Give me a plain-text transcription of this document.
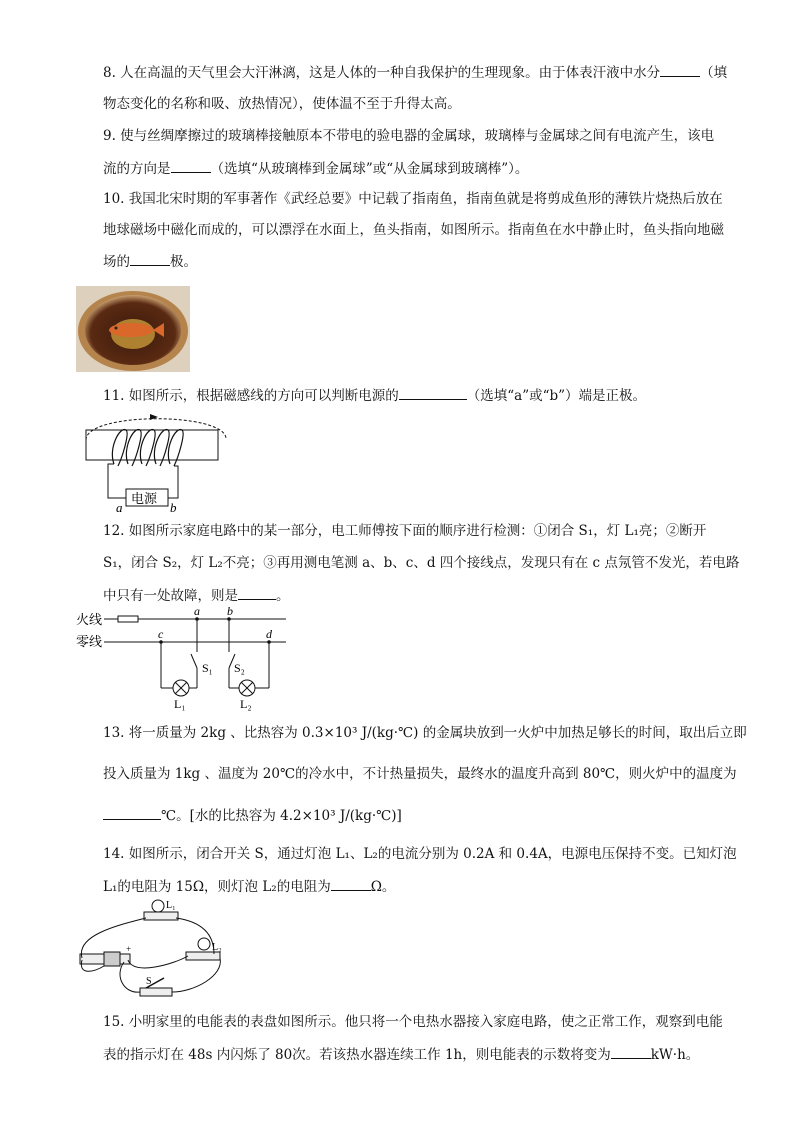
8. 人在高温的天气里会大汗淋漓，这是人体的一种自我保护的生理现象。由于体表汗液中水分	（填
物态变化的名称和吸、放热情况），使体温不至于升得太高。
9. 使与丝绸摩擦过的玻璃棒接触原本不带电的验电器的金属球，玻璃棒与金属球之间有电流产生，该电
流的方向是	（选填“从玻璃棒到金属球”或“从金属球到玻璃棒”）。
10. 我国北宋时期的军事著作《武经总要》中记载了指南鱼，指南鱼就是将剪成鱼形的薄铁片烧热后放在
地球磁场中磁化而成的，可以漂浮在水面上，鱼头指南，如图所示。指南鱼在水中静止时，鱼头指向地磁
场的	极。
11. 如图所示，根据磁感线的方向可以判断电源的	（选填“a”或“b”）端是正极。
电源
a	b
12. 如图所示家庭电路中的某一部分，电工师傅按下面的顺序进行检测：①闭合 S₁，灯 L₁亮；②断开
S₁，闭合 S₂，灯 L₂不亮；③再用测电笔测 a、b、c、d 四个接线点，发现只有在 c 点氖管不发光，若电路
中只有一处故障，则是	。
火线
零线
a b
c	d
S₁
L₁
S₂
L₂
13. 将一质量为 2kg 、比热容为 0.3×10³ J/(kg·℃) 的金属块放到一火炉中加热足够长的时间，取出后立即
投入质量为 1kg 、温度为 20℃的冷水中，不计热量损失，最终水的温度升高到 80℃，则火炉中的温度为
℃。[水的比热容为 4.2×10³ J/(kg·℃)]
14. 如图所示，闭合开关 S，通过灯泡 L₁、L₂的电流分别为 0.2A 和 0.4A，电源电压保持不变。已知灯泡
L₁的电阻为 15Ω，则灯泡 L₂的电阻为	Ω。
+
L₁
L₂
S
15. 小明家里的电能表的表盘如图所示。他只将一个电热水器接入家庭电路，使之正常工作，观察到电能
表的指示灯在 48s 内闪烁了 80次。若该热水器连续工作 1h，则电能表的示数将变为	kW·h。
